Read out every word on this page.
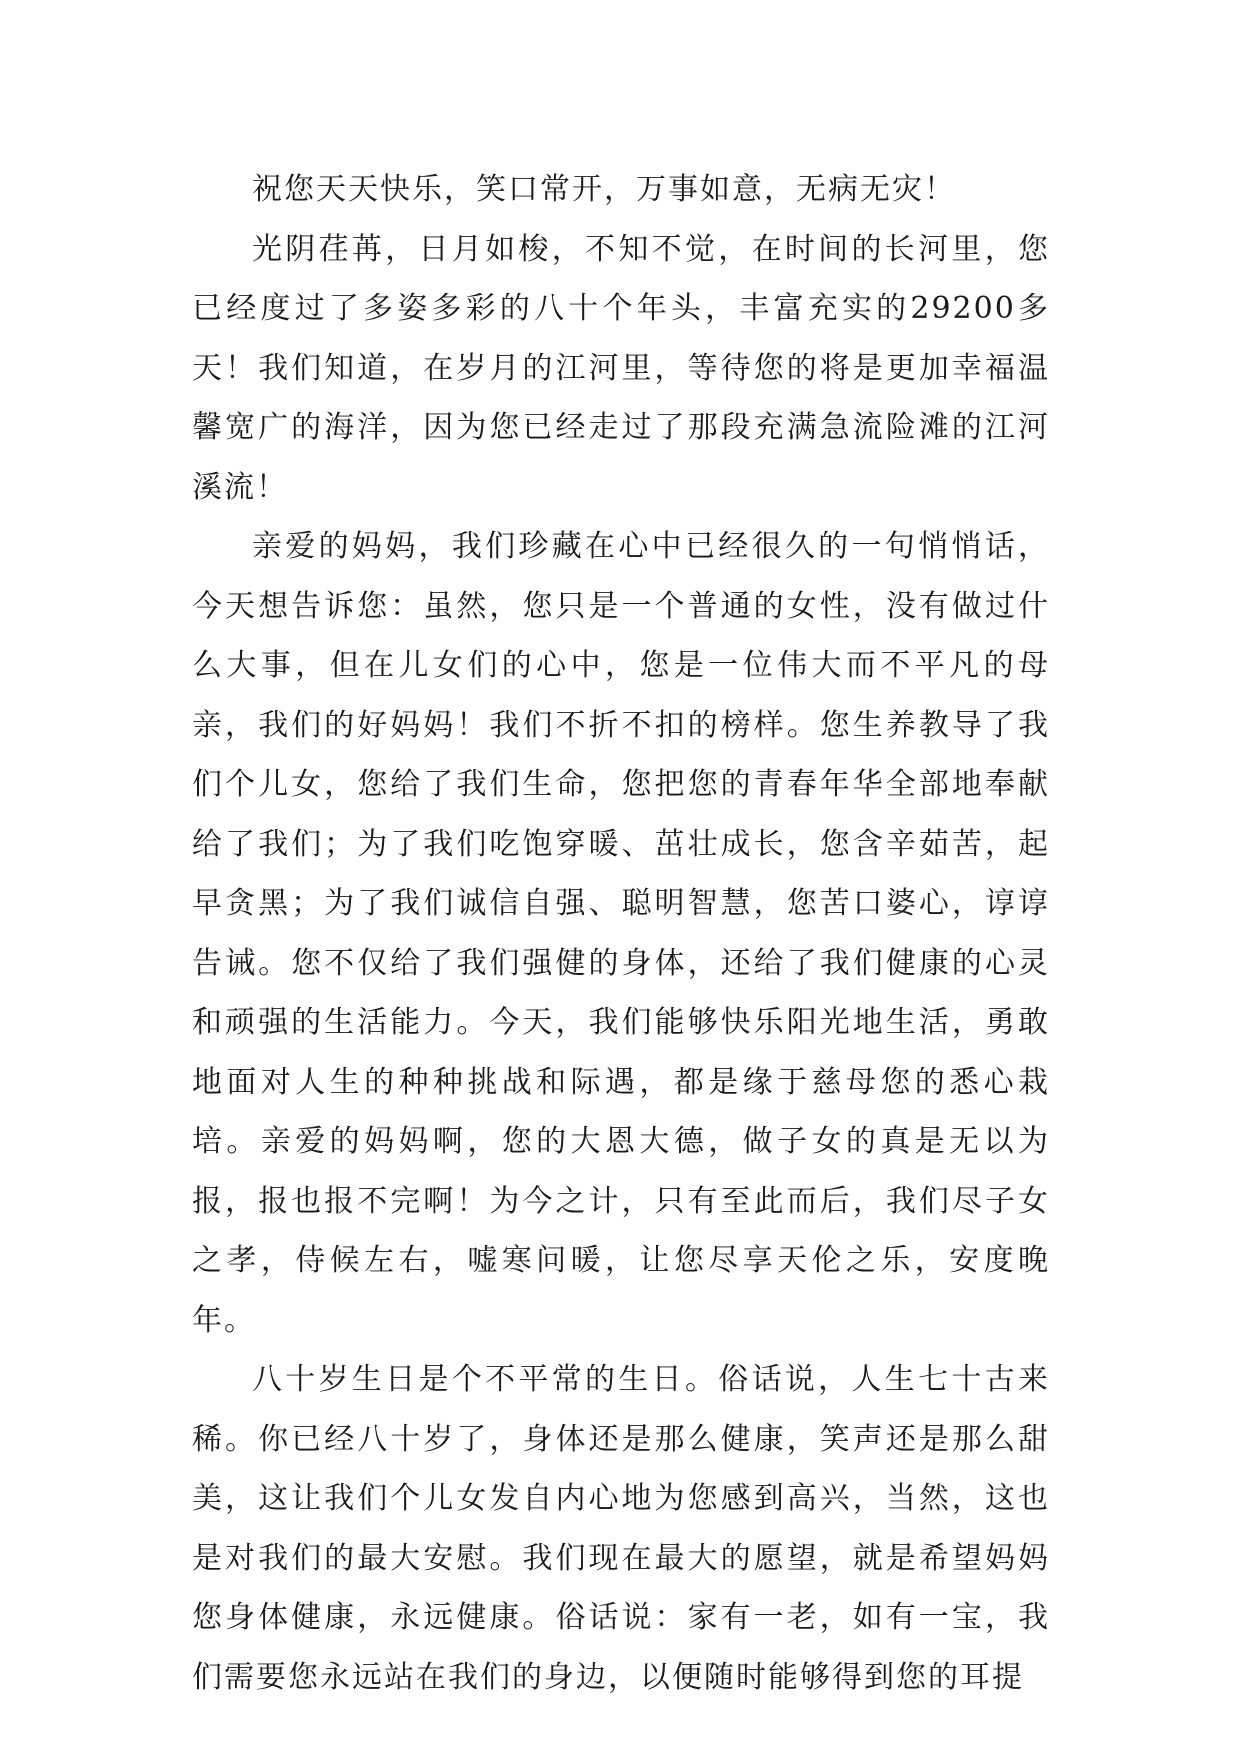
祝您天天快乐，笑口常开，万事如意，无病无灾！

光阴荏苒，日月如梭，不知不觉，在时间的长河里，您已经度过了多姿多彩的八十个年头，丰富充实的29200多天！我们知道，在岁月的江河里，等待您的将是更加幸福温馨宽广的海洋，因为您已经走过了那段充满急流险滩的江河溪流！

亲爱的妈妈，我们珍藏在心中已经很久的一句悄悄话，今天想告诉您：虽然，您只是一个普通的女性，没有做过什么大事，但在儿女们的心中，您是一位伟大而不平凡的母亲，我们的好妈妈！我们不折不扣的榜样。您生养教导了我们个儿女，您给了我们生命，您把您的青春年华全部地奉献给了我们；为了我们吃饱穿暖、茁壮成长，您含辛茹苦，起早贪黑；为了我们诚信自强、聪明智慧，您苦口婆心，谆谆告诫。您不仅给了我们强健的身体，还给了我们健康的心灵和顽强的生活能力。今天，我们能够快乐阳光地生活，勇敢地面对人生的种种挑战和际遇，都是缘于慈母您的悉心栽培。亲爱的妈妈啊，您的大恩大德，做子女的真是无以为报，报也报不完啊！为今之计，只有至此而后，我们尽子女之孝，侍候左右，嘘寒问暖，让您尽享天伦之乐，安度晚年。

八十岁生日是个不平常的生日。俗话说，人生七十古来稀。你已经八十岁了，身体还是那么健康，笑声还是那么甜美，这让我们个儿女发自内心地为您感到高兴，当然，这也是对我们的最大安慰。我们现在最大的愿望，就是希望妈妈您身体健康，永远健康。俗话说：家有一老，如有一宝，我们需要您永远站在我们的身边，以便随时能够得到您的耳提
